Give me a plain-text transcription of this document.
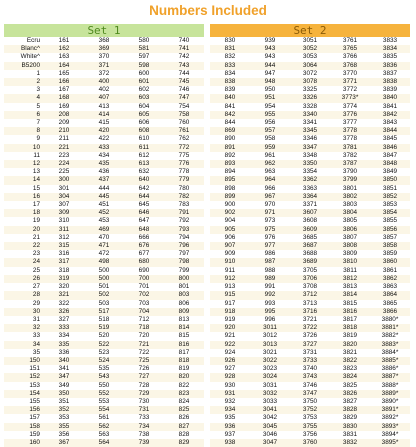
Numbers Included
Set 1
Ecru	161	368	580	740
Blanc^	162	369	581	741
White^	163	370	597	742
B5200	164	371	598	743
1	165	372	600	744
2	166	400	601	745
3	167	402	602	746
4	168	407	603	747
5	169	413	604	754
6	208	414	605	758
7	209	415	606	760
8	210	420	608	761
9	211	422	610	762
10	221	433	611	772
11	223	434	612	775
12	224	435	613	776
13	225	436	632	778
14	300	437	640	779
15	301	444	642	780
16	304	445	644	782
17	307	451	645	783
18	309	452	646	791
19	310	453	647	792
20	311	469	648	793
21	312	470	666	794
22	315	471	676	796
23	316	472	677	797
24	317	498	680	798
25	318	500	690	799
26	319	500	700	800
27	320	501	701	801
28	321	502	702	803
29	322	503	703	806
30	326	517	704	809
31	327	518	712	813
32	333	519	718	814
33	334	520	720	815
34	335	522	721	816
35	336	523	722	817
150	340	524	725	818
151	341	535	726	819
152	347	543	727	820
153	349	550	728	822
154	350	552	729	823
155	351	553	730	824
156	352	554	731	825
157	353	561	733	826
158	355	562	734	827
159	356	563	738	828
160	367	564	739	829
Set 2
830	939	3051	3761	3833
831	943	3052	3765	3834
832	943	3053	3766	3835
833	944	3064	3768	3836
834	947	3072	3770	3837
838	948	3078	3771	3838
839	950	3325	3772	3839
840	951	3326	3773*	3840
841	954	3328	3774	3841
842	955	3340	3776	3842
844	956	3341	3777	3843
869	957	3345	3778	3844
890	958	3346	3778	3845
891	959	3347	3781	3846
892	961	3348	3782	3847
893	962	3350	3787	3848
894	963	3354	3790	3849
895	964	3362	3799	3850
898	966	3363	3801	3851
899	967	3364	3802	3852
900	970	3371	3803	3853
902	971	3607	3804	3854
904	973	3608	3805	3855
905	975	3609	3806	3856
906	976	3685	3807	3857
907	977	3687	3808	3858
909	986	3688	3809	3859
910	987	3689	3810	3860
911	988	3705	3811	3861
912	989	3706	3812	3862
913	991	3708	3813	3863
915	992	3712	3814	3864
917	993	3713	3815	3865
918	995	3716	3816	3866
919	996	3721	3817	3880*
920	3011	3722	3818	3881*
921	3012	3726	3819	3882*
922	3013	3727	3820	3883*
924	3021	3731	3821	3884*
926	3022	3733	3822	3885*
927	3023	3740	3823	3886*
928	3024	3743	3824	3887*
930	3031	3746	3825	3888*
931	3032	3747	3826	3889*
932	3033	3750	3827	3890*
934	3041	3752	3828	3891*
935	3042	3753	3829	3892*
936	3045	3755	3830	3893*
937	3046	3756	3831	3894*
938	3047	3760	3832	3895*
